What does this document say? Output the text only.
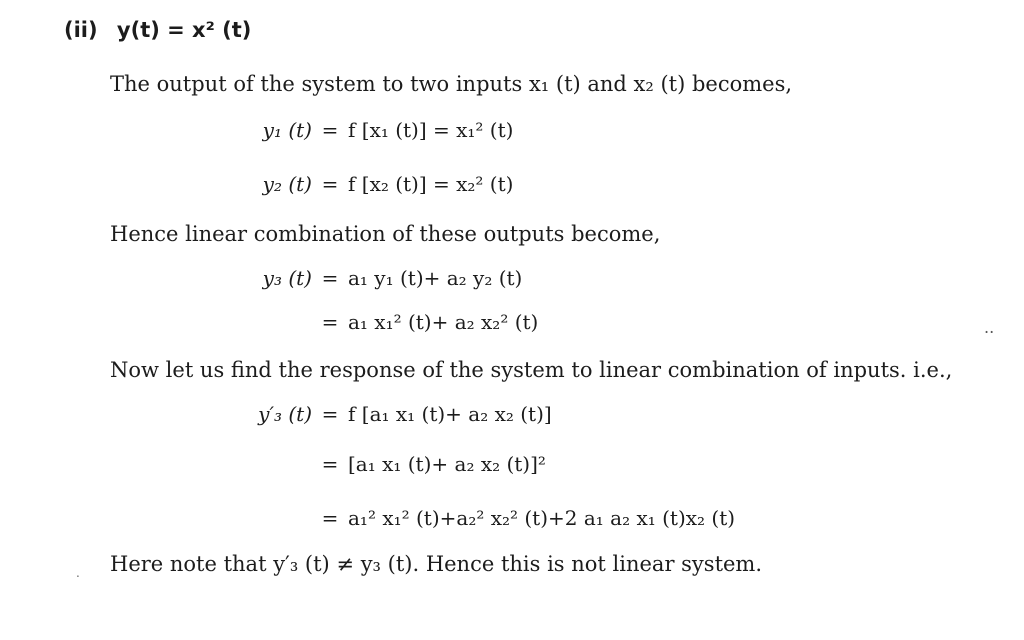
(ii) y(t) = x² (t)
The output of the system to two inputs x₁ (t) and x₂ (t) becomes,
y₁ (t) = f [x₁ (t)] = x₁² (t)
y₂ (t) = f [x₂ (t)] = x₂² (t)
Hence linear combination of these outputs become,
y₃ (t) = a₁ y₁ (t)+ a₂ y₂ (t)
= a₁ x₁² (t)+ a₂ x₂² (t)	..
Now let us find the response of the system to linear combination of inputs. i.e.,
y′₃ (t) = f [a₁ x₁ (t)+ a₂ x₂ (t)]
= [a₁ x₁ (t)+ a₂ x₂ (t)]²
= a₁² x₁² (t)+a₂² x₂² (t)+2 a₁ a₂ x₁ (t)x₂ (t)
Here note that y′₃ (t) ≠ y₃ (t). Hence this is not linear system.
.
